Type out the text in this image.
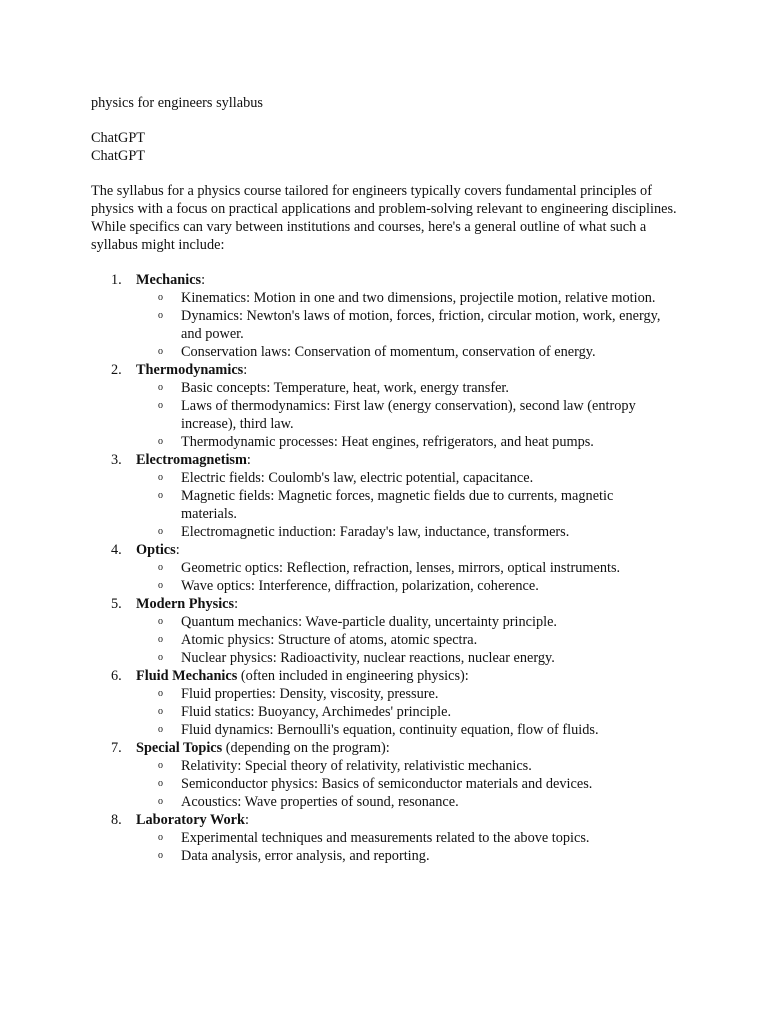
physics for engineers syllabus

ChatGPT

ChatGPT

The syllabus for a physics course tailored for engineers typically covers fundamental principles of physics with a focus on practical applications and problem-solving relevant to engineering disciplines. While specifics can vary between institutions and courses, here's a general outline of what such a syllabus might include:

1. Mechanics:
o Kinematics: Motion in one and two dimensions, projectile motion, relative motion.
o Dynamics: Newton's laws of motion, forces, friction, circular motion, work, energy, and power.
o Conservation laws: Conservation of momentum, conservation of energy.
2. Thermodynamics:
o Basic concepts: Temperature, heat, work, energy transfer.
o Laws of thermodynamics: First law (energy conservation), second law (entropy increase), third law.
o Thermodynamic processes: Heat engines, refrigerators, and heat pumps.
3. Electromagnetism:
o Electric fields: Coulomb's law, electric potential, capacitance.
o Magnetic fields: Magnetic forces, magnetic fields due to currents, magnetic materials.
o Electromagnetic induction: Faraday's law, inductance, transformers.
4. Optics:
o Geometric optics: Reflection, refraction, lenses, mirrors, optical instruments.
o Wave optics: Interference, diffraction, polarization, coherence.
5. Modern Physics:
o Quantum mechanics: Wave-particle duality, uncertainty principle.
o Atomic physics: Structure of atoms, atomic spectra.
o Nuclear physics: Radioactivity, nuclear reactions, nuclear energy.
6. Fluid Mechanics (often included in engineering physics):
o Fluid properties: Density, viscosity, pressure.
o Fluid statics: Buoyancy, Archimedes' principle.
o Fluid dynamics: Bernoulli's equation, continuity equation, flow of fluids.
7. Special Topics (depending on the program):
o Relativity: Special theory of relativity, relativistic mechanics.
o Semiconductor physics: Basics of semiconductor materials and devices.
o Acoustics: Wave properties of sound, resonance.
8. Laboratory Work:
o Experimental techniques and measurements related to the above topics.
o Data analysis, error analysis, and reporting.
